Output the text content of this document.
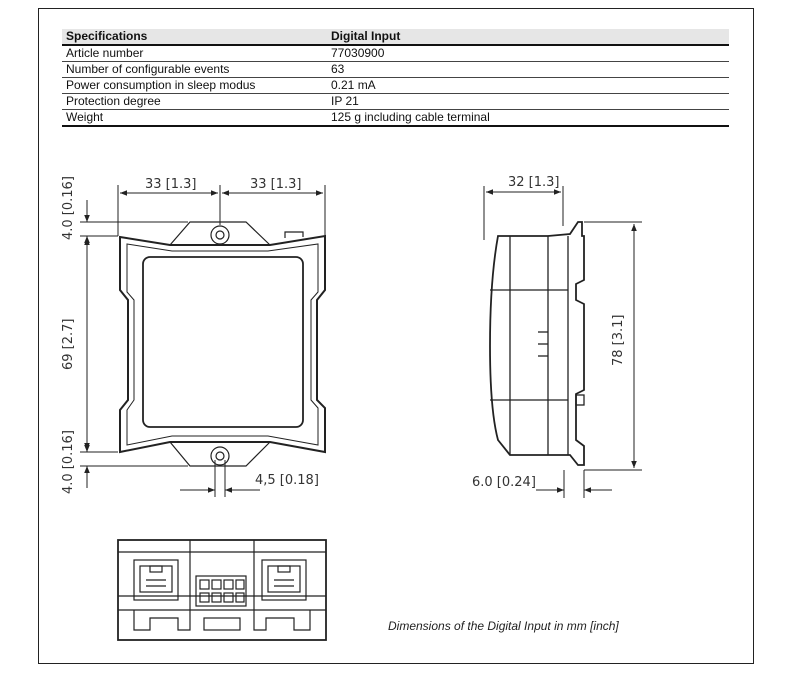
Specifications	Digital Input
Article number	77030900
Number of configurable events	63
Power consumption in sleep modus	0.21 mA
Protection degree	IP 21
Weight	125 g including cable terminal
33 [1.3]	33 [1.3]
4.0 [0.16]
69 [2.7]
4.0 [0.16]	4,5 [0.18]
32 [1.3]
78 [3.1]
6.0 [0.24]
Dimensions of the Digital Input in mm [inch]
